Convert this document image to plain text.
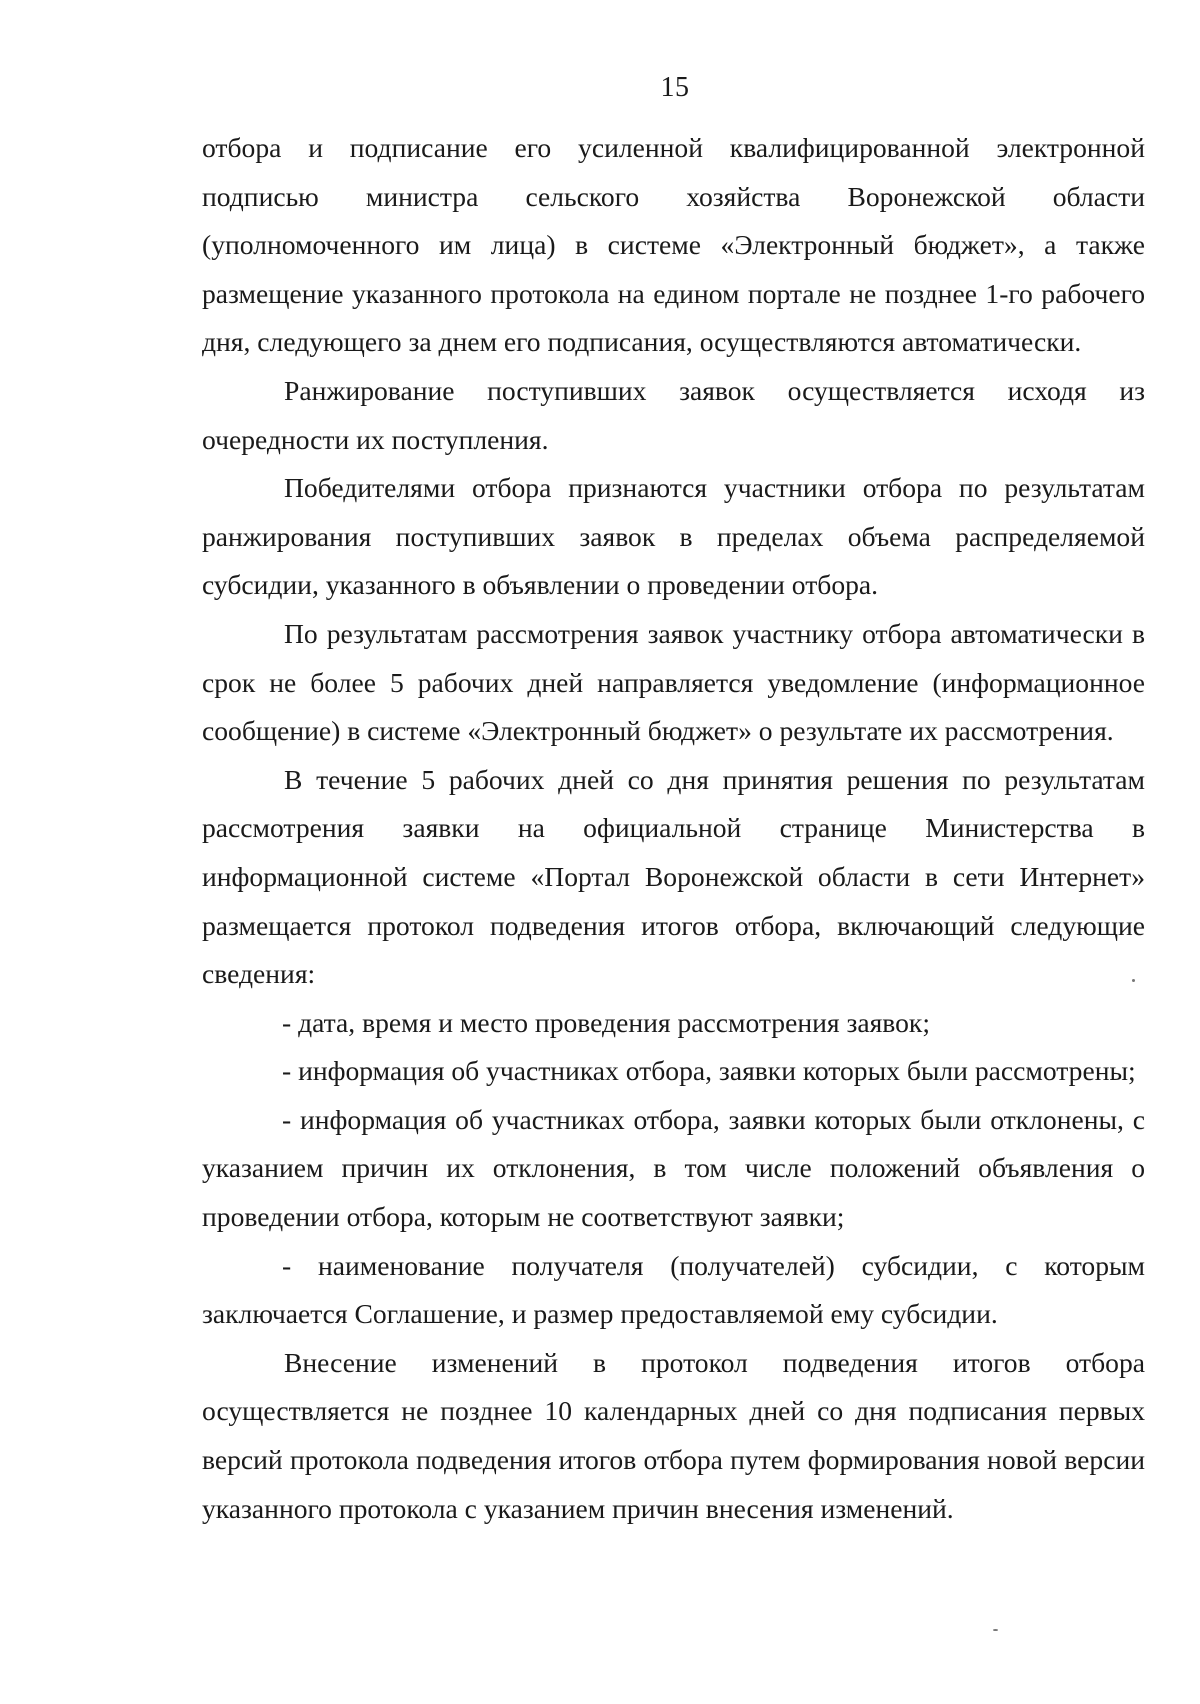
15

отбора и подписание его усиленной квалифицированной электронной подписью министра сельского хозяйства Воронежской области (уполномоченного им лица) в системе «Электронный бюджет», а также размещение указанного протокола на едином портале не позднее 1-го рабочего дня, следующего за днем его подписания, осуществляются автоматически.

Ранжирование поступивших заявок осуществляется исходя из очередности их поступления.

Победителями отбора признаются участники отбора по результатам ранжирования поступивших заявок в пределах объема распределяемой субсидии, указанного в объявлении о проведении отбора.

По результатам рассмотрения заявок участнику отбора автоматически в срок не более 5 рабочих дней направляется уведомление (информационное сообщение) в системе «Электронный бюджет» о результате их рассмотрения.

В течение 5 рабочих дней со дня принятия решения по результатам рассмотрения заявки на официальной странице Министерства в информационной системе «Портал Воронежской области в сети Интернет» размещается протокол подведения итогов отбора, включающий следующие сведения:

- дата, время и место проведения рассмотрения заявок;

- информация об участниках отбора, заявки которых были рассмотрены;

- информация об участниках отбора, заявки которых были отклонены, с указанием причин их отклонения, в том числе положений объявления о проведении отбора, которым не соответствуют заявки;

- наименование получателя (получателей) субсидии, с которым заключается Соглашение, и размер предоставляемой ему субсидии.

Внесение изменений в протокол подведения итогов отбора осуществляется не позднее 10 календарных дней со дня подписания первых версий протокола подведения итогов отбора путем формирования новой версии указанного протокола с указанием причин внесения изменений.
